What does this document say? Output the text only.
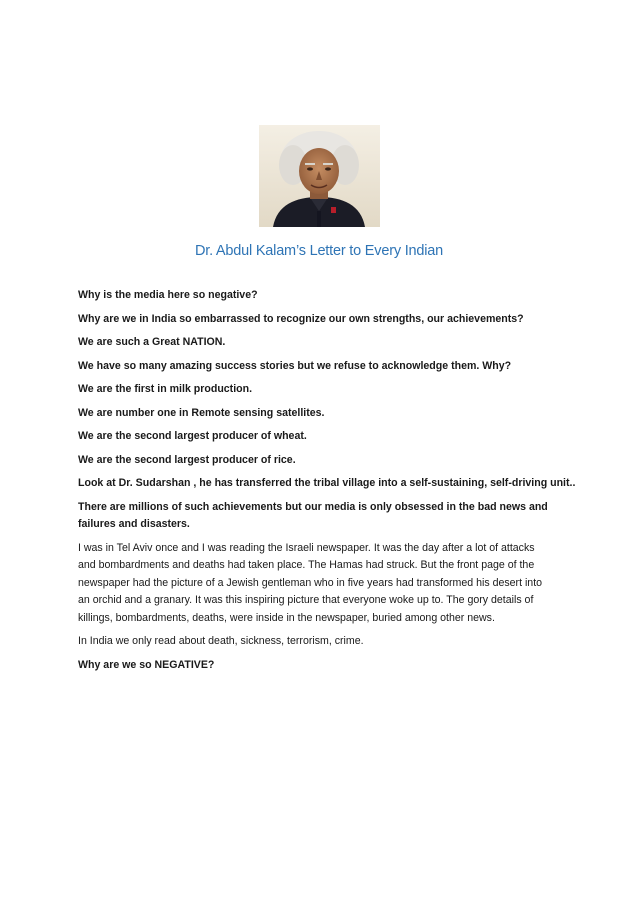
Dr. Abdul Kalam’s Letter to Every Indian

Why is the media here so negative?

Why are we in India so embarrassed to recognize our own strengths, our achievements?

We are such a Great NATION.

We have so many amazing success stories but we refuse to acknowledge them. Why?

We are the first in milk production.

We are number one in Remote sensing satellites.

We are the second largest producer of wheat.

We are the second largest producer of rice.

Look at Dr. Sudarshan , he has transferred the tribal village into a self-sustaining, self-driving unit..

There are millions of such achievements but our media is only obsessed in the bad news and
failures and disasters.

I was in Tel Aviv once and I was reading the Israeli newspaper. It was the day after a lot of attacks
and bombardments and deaths had taken place. The Hamas had struck. But the front page of the
newspaper had the picture of a Jewish gentleman who in five years had transformed his desert into
an orchid and a granary. It was this inspiring picture that everyone woke up to. The gory details of
killings, bombardments, deaths, were inside in the newspaper, buried among other news.

In India we only read about death, sickness, terrorism, crime.

Why are we so NEGATIVE?
